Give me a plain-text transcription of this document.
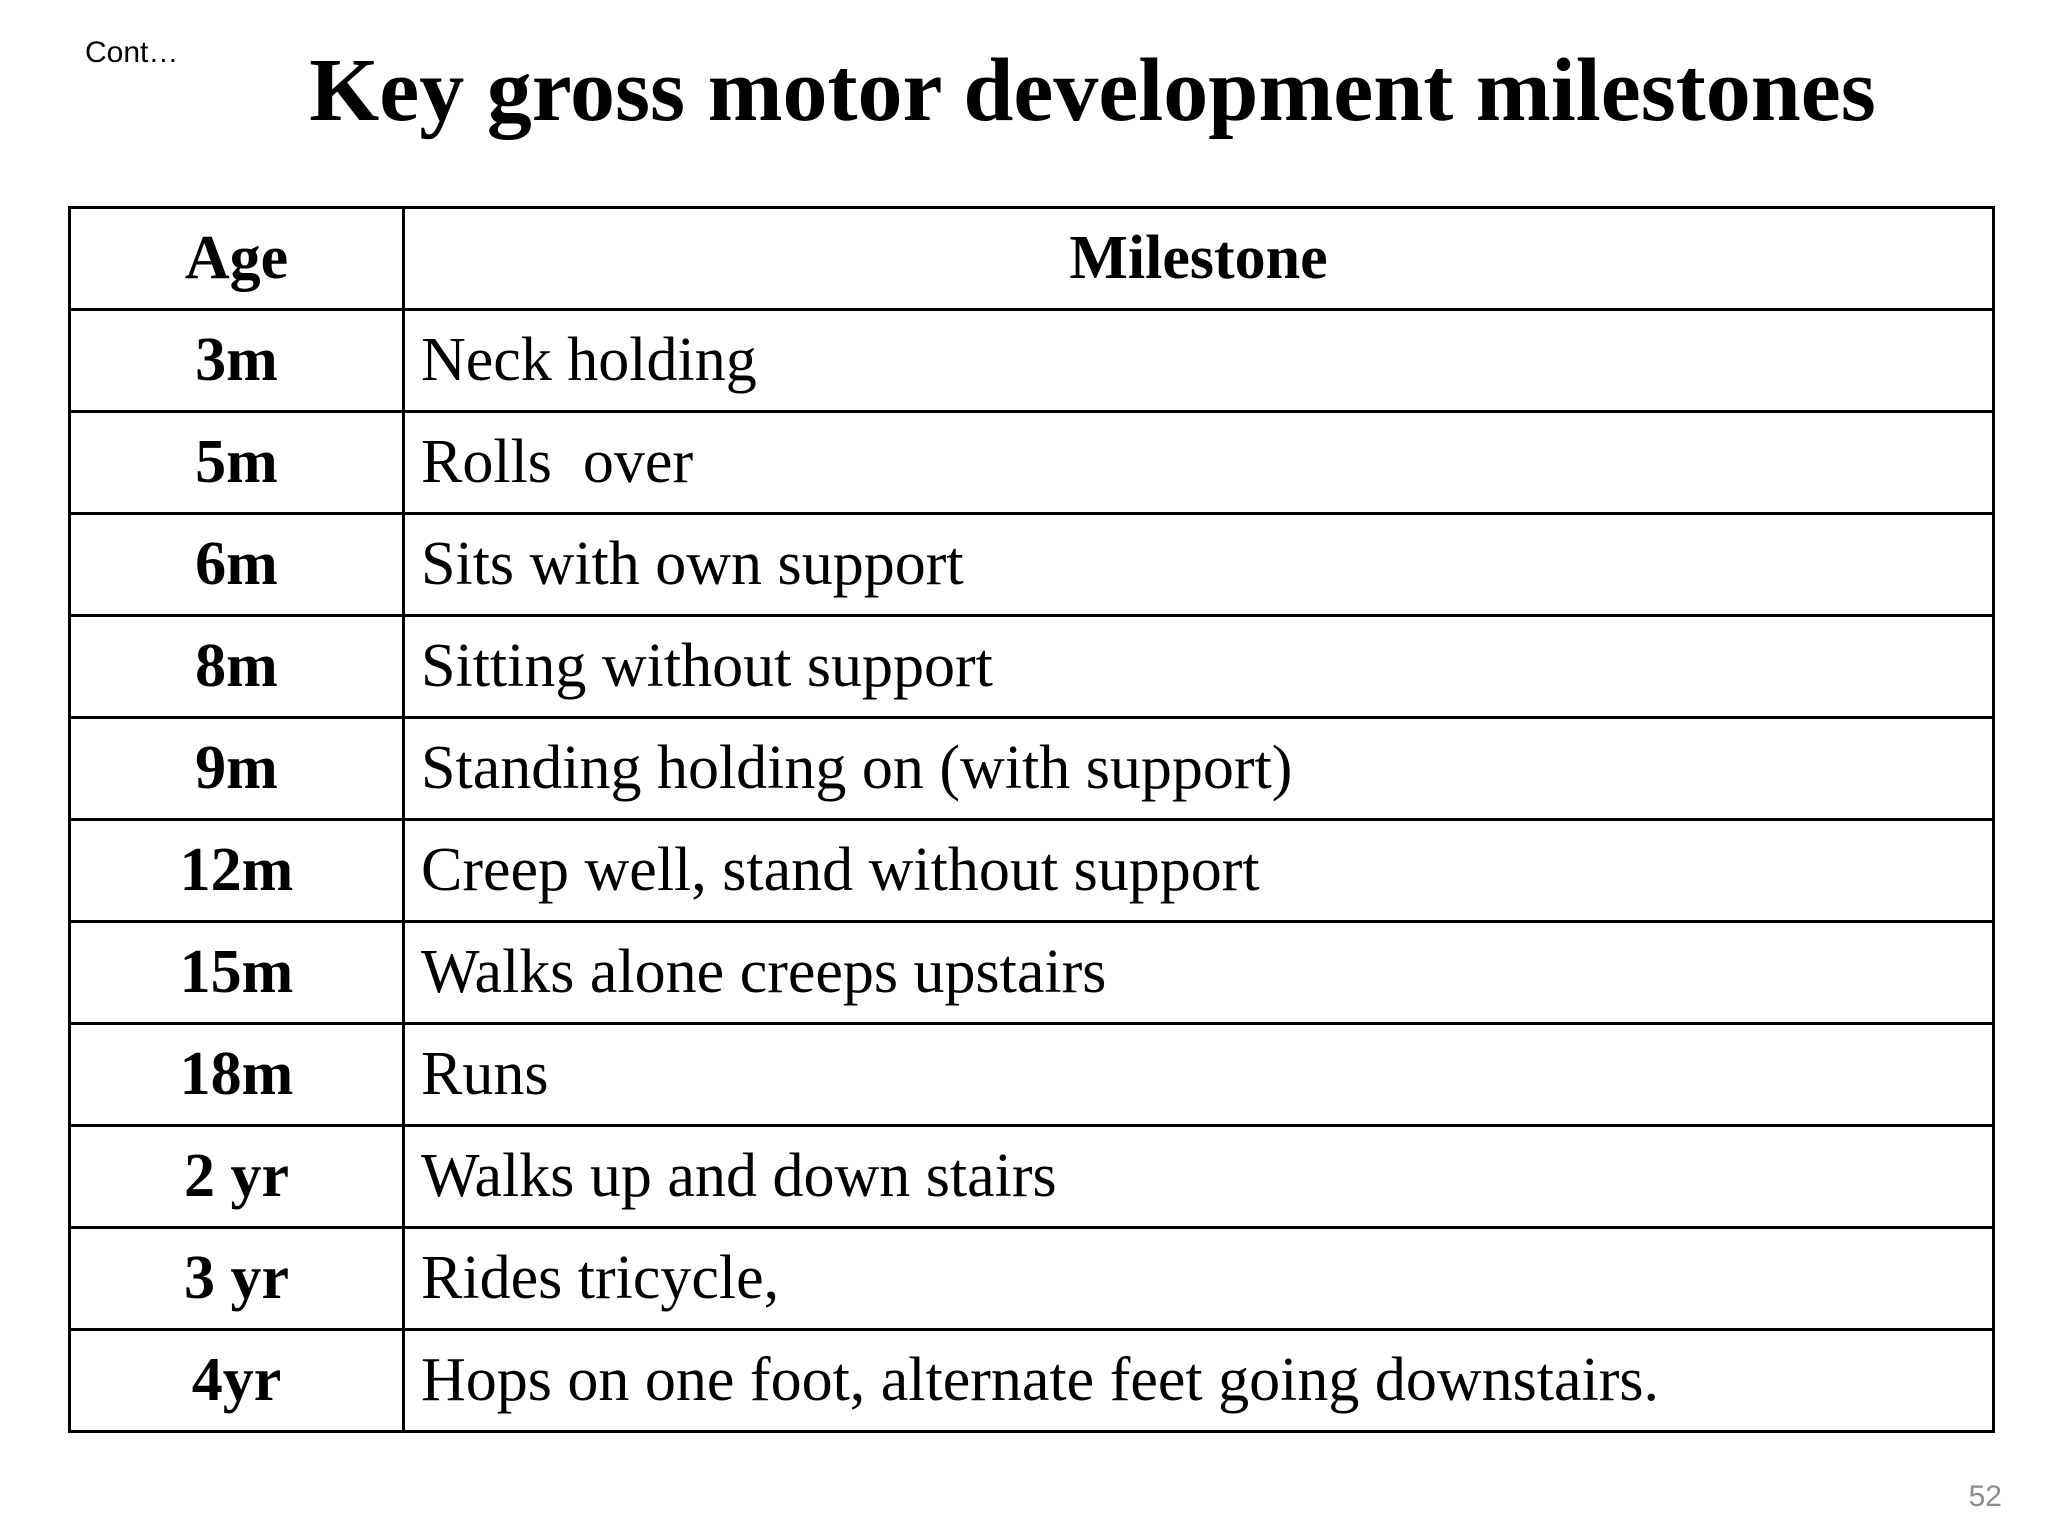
Cont…	Key gross motor development milestones
Age	Milestone
3m	Neck holding
5m	Rolls  over
6m	Sits with own support
8m	Sitting without support
9m	Standing holding on (with support)
12m	Creep well, stand without support
15m	Walks alone creeps upstairs
18m	Runs
2 yr	Walks up and down stairs
3 yr	Rides tricycle,
4yr	Hops on one foot, alternate feet going downstairs.
52
